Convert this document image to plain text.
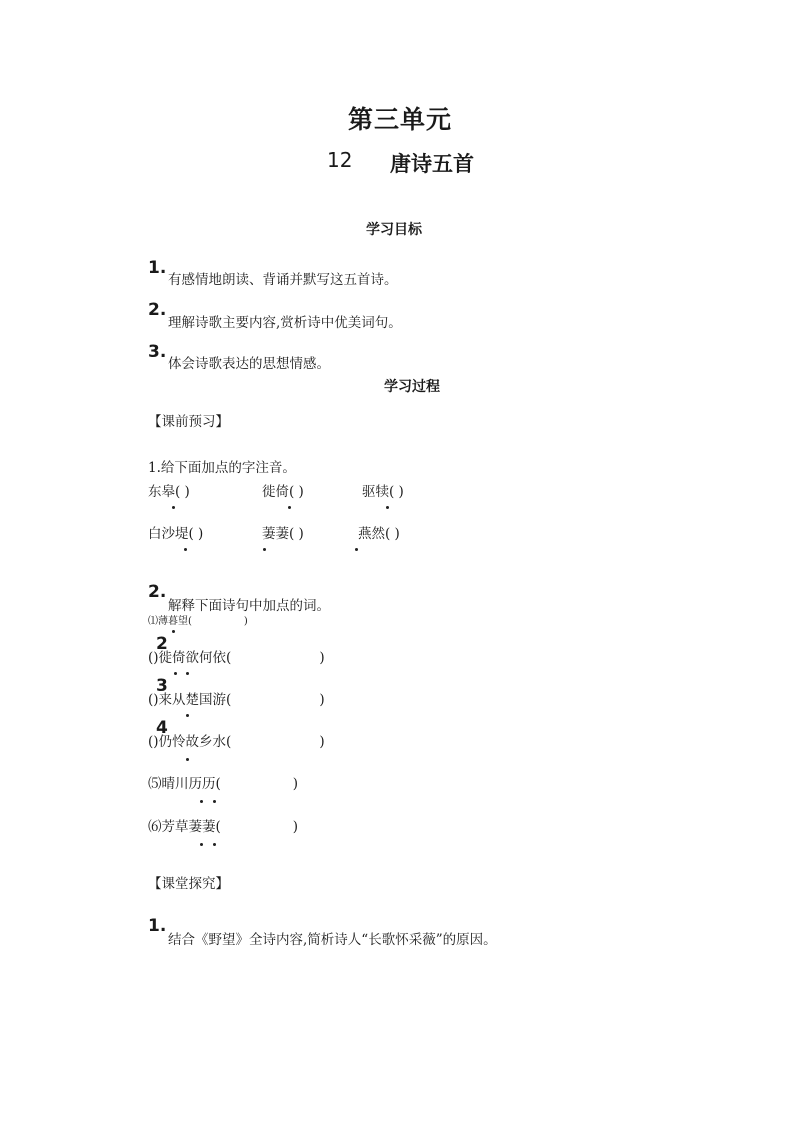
第三单元
12 唐诗五首
学习目标
1.
有感情地朗读、背诵并默写这五首诗。
2.
理解诗歌主要内容,赏析诗中优美词句。
3.
体会诗歌表达的思想情感。
学习过程
【课前预习】
1.给下面加点的字注音。
东皋( )	徙倚( )	驱犊( )
白沙堤( )	萋萋( )	燕然( )
2.
解释下面诗句中加点的词。
⑴薄暮望(	)
2
()徙倚欲何依(	)
3
()来从楚国游(	)
4
()仍怜故乡水(	)
⑸晴川历历(	)
⑹芳草萋萋(	)
【课堂探究】
1.
结合《野望》全诗内容,简析诗人“长歌怀采薇”的原因。
